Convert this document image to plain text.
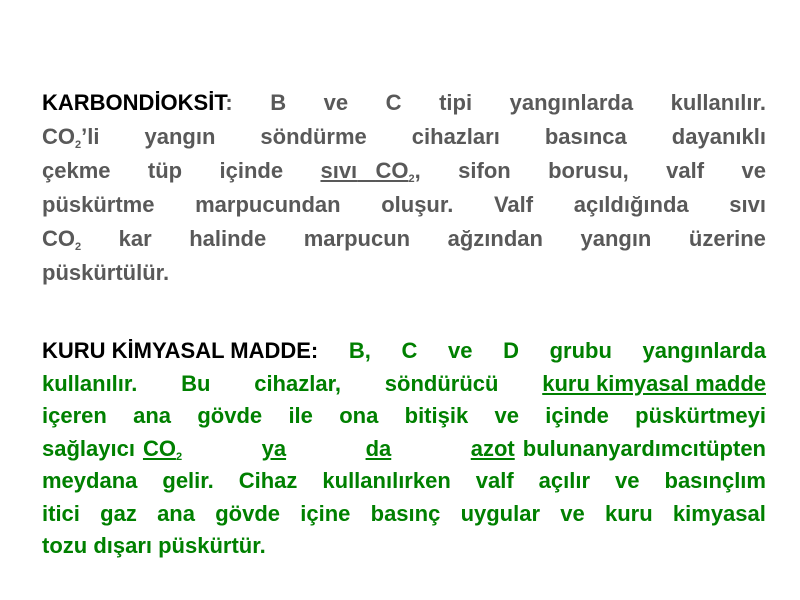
KARBONDİOKSİT: B ve C tipi yangınlarda kullanılır.
$CO_2’li$ yangın söndürme cihazları basınca dayanıklı
çekme tüp içinde sıvı $CO_2$, sifon borusu, valf ve
püskürtme marpucundan oluşur. Valf açıldığında sıvı
$CO_2$ kar halinde marpucun ağzından yangın üzerine
püskürtülür.
KURU KİMYASAL MADDE: B, C ve D grubu yangınlarda
kullanılır. Bu cihazlar, söndürücü kuru kimyasal madde
içeren ana gövde ile ona bitişik ve içinde püskürtmeyi
sağlayıcı $CO_2$	ya	da	azot bulunan yardımcı tüpten
meydana gelir. Cihaz kullanılırken valf açılır ve basınçlım
itici gaz ana gövde içine basınç uygular ve kuru kimyasal
tozu dışarı püskürtür.
